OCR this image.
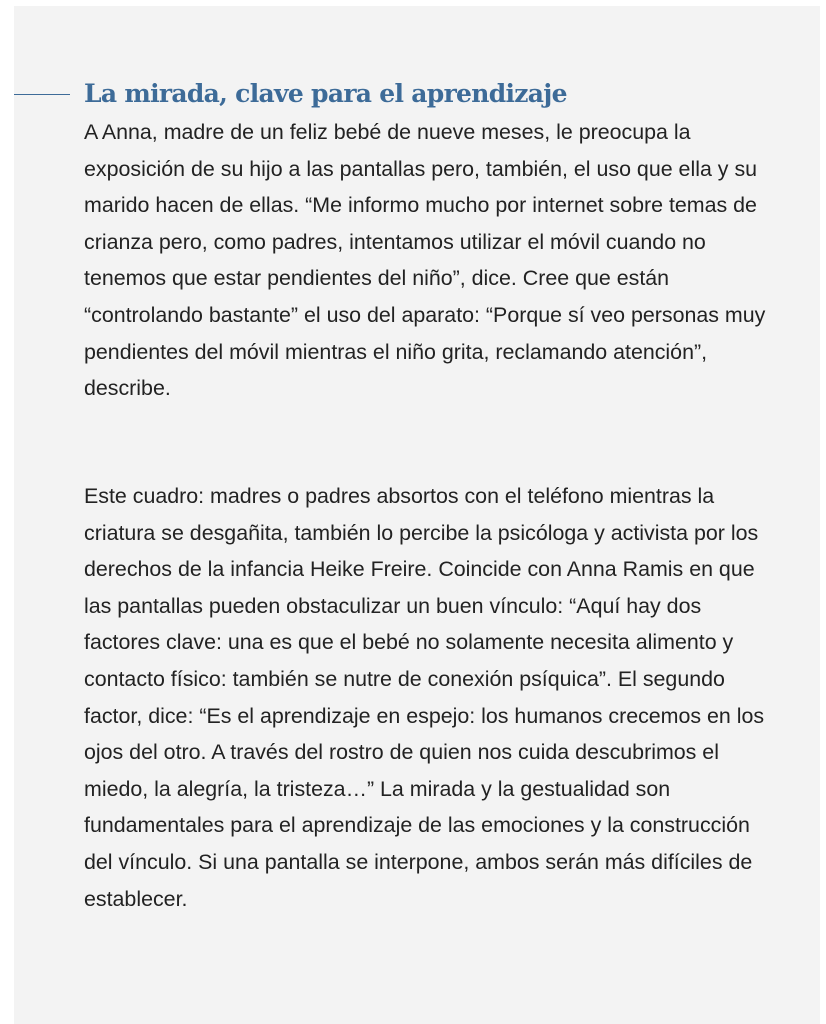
La mirada, clave para el aprendizaje

A Anna, madre de un feliz bebé de nueve meses, le preocupa la exposición de su hijo a las pantallas pero, también, el uso que ella y su marido hacen de ellas. “Me informo mucho por internet sobre temas de crianza pero, como padres, intentamos utilizar el móvil cuando no tenemos que estar pendientes del niño”, dice. Cree que están “controlando bastante” el uso del aparato: “Porque sí veo personas muy pendientes del móvil mientras el niño grita, reclamando atención”, describe.

Este cuadro: madres o padres absortos con el teléfono mientras la criatura se desgañita, también lo percibe la psicóloga y activista por los derechos de la infancia Heike Freire. Coincide con Anna Ramis en que las pantallas pueden obstaculizar un buen vínculo: “Aquí hay dos factores clave: una es que el bebé no solamente necesita alimento y contacto físico: también se nutre de conexión psíquica”. El segundo factor, dice: “Es el aprendizaje en espejo: los humanos crecemos en los ojos del otro. A través del rostro de quien nos cuida descubrimos el miedo, la alegría, la tristeza…” La mirada y la gestualidad son fundamentales para el aprendizaje de las emociones y la construcción del vínculo. Si una pantalla se interpone, ambos serán más difíciles de establecer.
